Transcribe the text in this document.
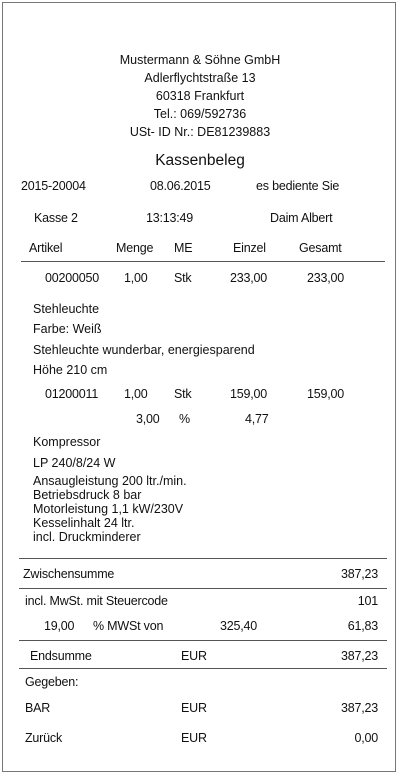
Mustermann & Söhne GmbH
Adlerflychtstraße 13
60318 Frankfurt
Tel.: 069/592736
USt- ID Nr.: DE81239883
Kassenbeleg
2015-20004	08.06.2015	es bediente Sie
Kasse 2	13:13:49	Daim Albert
Artikel	Menge ME	Einzel	Gesamt
00200050 1,00 Stk	233,00	233,00
Stehleuchte
Farbe: Weiß
Stehleuchte wunderbar, energiesparend
Höhe 210 cm
01200011 1,00 Stk	159,00	159,00
3,00 %	4,77
Kompressor
LP 240/8/24 W
Ansaugleistung 200 ltr./min.
Betriebsdruck 8 bar
Motorleistung 1,1 kW/230V
Kesselinhalt 24 ltr.
incl. Druckminderer
Zwischensumme	387,23
incl. MwSt. mit Steuercode	101
19,00 % MWSt von	325,40	61,83
Endsumme	EUR	387,23
Gegeben:
BAR	EUR	387,23
Zurück	EUR	0,00
